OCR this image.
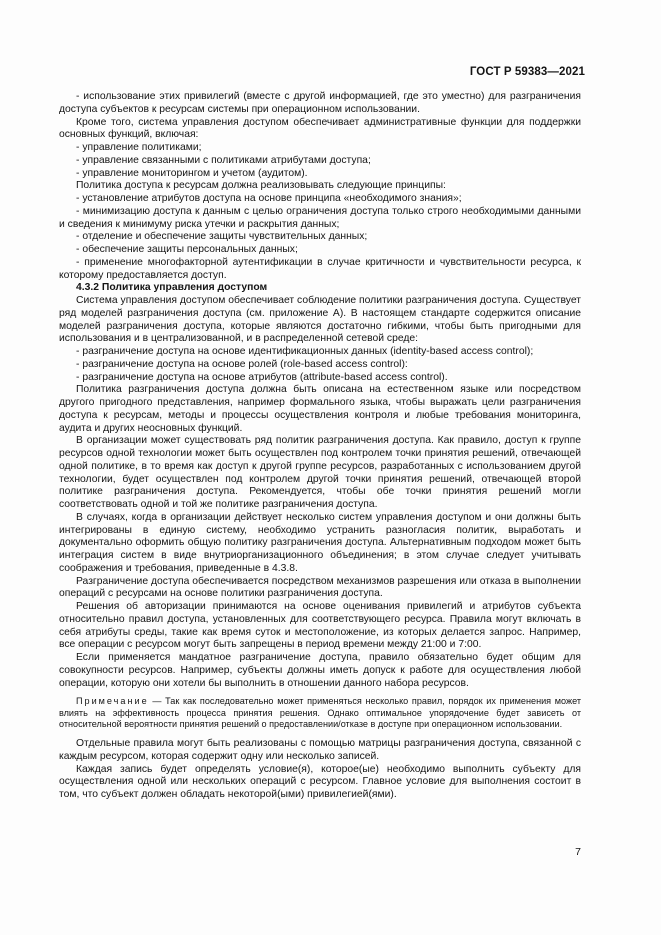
ГОСТ Р 59383—2021

- использование этих привилегий (вместе с другой информацией, где это уместно) для разграничения доступа субъектов к ресурсам системы при операционном использовании.

Кроме того, система управления доступом обеспечивает административные функции для поддержки основных функций, включая:

- управление политиками;

- управление связанными с политиками атрибутами доступа;

- управление мониторингом и учетом (аудитом).

Политика доступа к ресурсам должна реализовывать следующие принципы:

- установление атрибутов доступа на основе принципа «необходимого знания»;

- минимизацию доступа к данным с целью ограничения доступа только строго необходимыми данными и сведения к минимуму риска утечки и раскрытия данных;

- отделение и обеспечение защиты чувствительных данных;

- обеспечение защиты персональных данных;

- применение многофакторной аутентификации в случае критичности и чувствительности ресурса, к которому предоставляется доступ.

4.3.2 Политика управления доступом

Система управления доступом обеспечивает соблюдение политики разграничения доступа. Существует ряд моделей разграничения доступа (см. приложение А). В настоящем стандарте содержится описание моделей разграничения доступа, которые являются достаточно гибкими, чтобы быть пригодными для использования и в централизованной, и в распределенной сетевой среде:

- разграничение доступа на основе идентификационных данных (identity-based access control);

- разграничение доступа на основе ролей (role-based access control):

- разграничение доступа на основе атрибутов (attribute-based access control).

Политика разграничения доступа должна быть описана на естественном языке или посредством другого пригодного представления, например формального языка, чтобы выражать цели разграничения доступа к ресурсам, методы и процессы осуществления контроля и любые требования мониторинга, аудита и других неосновных функций.

В организации может существовать ряд политик разграничения доступа. Как правило, доступ к группе ресурсов одной технологии может быть осуществлен под контролем точки принятия решений, отвечающей одной политике, в то время как доступ к другой группе ресурсов, разработанных с использованием другой технологии, будет осуществлен под контролем другой точки принятия решений, отвечающей второй политике разграничения доступа. Рекомендуется, чтобы обе точки принятия решений могли соответствовать одной и той же политике разграничения доступа.

В случаях, когда в организации действует несколько систем управления доступом и они должны быть интегрированы в единую систему, необходимо устранить разногласия политик, выработать и документально оформить общую политику разграничения доступа. Альтернативным подходом может быть интеграция систем в виде внутриорганизационного объединения; в этом случае следует учитывать соображения и требования, приведенные в 4.3.8.

Разграничение доступа обеспечивается посредством механизмов разрешения или отказа в выполнении операций с ресурсами на основе политики разграничения доступа.

Решения об авторизации принимаются на основе оценивания привилегий и атрибутов субъекта относительно правил доступа, установленных для соответствующего ресурса. Правила могут включать в себя атрибуты среды, такие как время суток и местоположение, из которых делается запрос. Например, все операции с ресурсом могут быть запрещены в период времени между 21:00 и 7:00.

Если применяется мандатное разграничение доступа, правило обязательно будет общим для совокупности ресурсов. Например, субъекты должны иметь допуск к работе для осуществления любой операции, которую они хотели бы выполнить в отношении данного набора ресурсов.

Примечание — Так как последовательно может применяться несколько правил, порядок их применения может влиять на эффективность процесса принятия решения. Однако оптимальное упорядочение будет зависеть от относительной вероятности принятия решений о предоставлении/отказе в доступе при операционном использовании.

Отдельные правила могут быть реализованы с помощью матрицы разграничения доступа, связанной с каждым ресурсом, которая содержит одну или несколько записей.

Каждая запись будет определять условие(я), которое(ые) необходимо выполнить субъекту для осуществления одной или нескольких операций с ресурсом. Главное условие для выполнения состоит в том, что субъект должен обладать некоторой(ыми) привилегией(ями).

7
